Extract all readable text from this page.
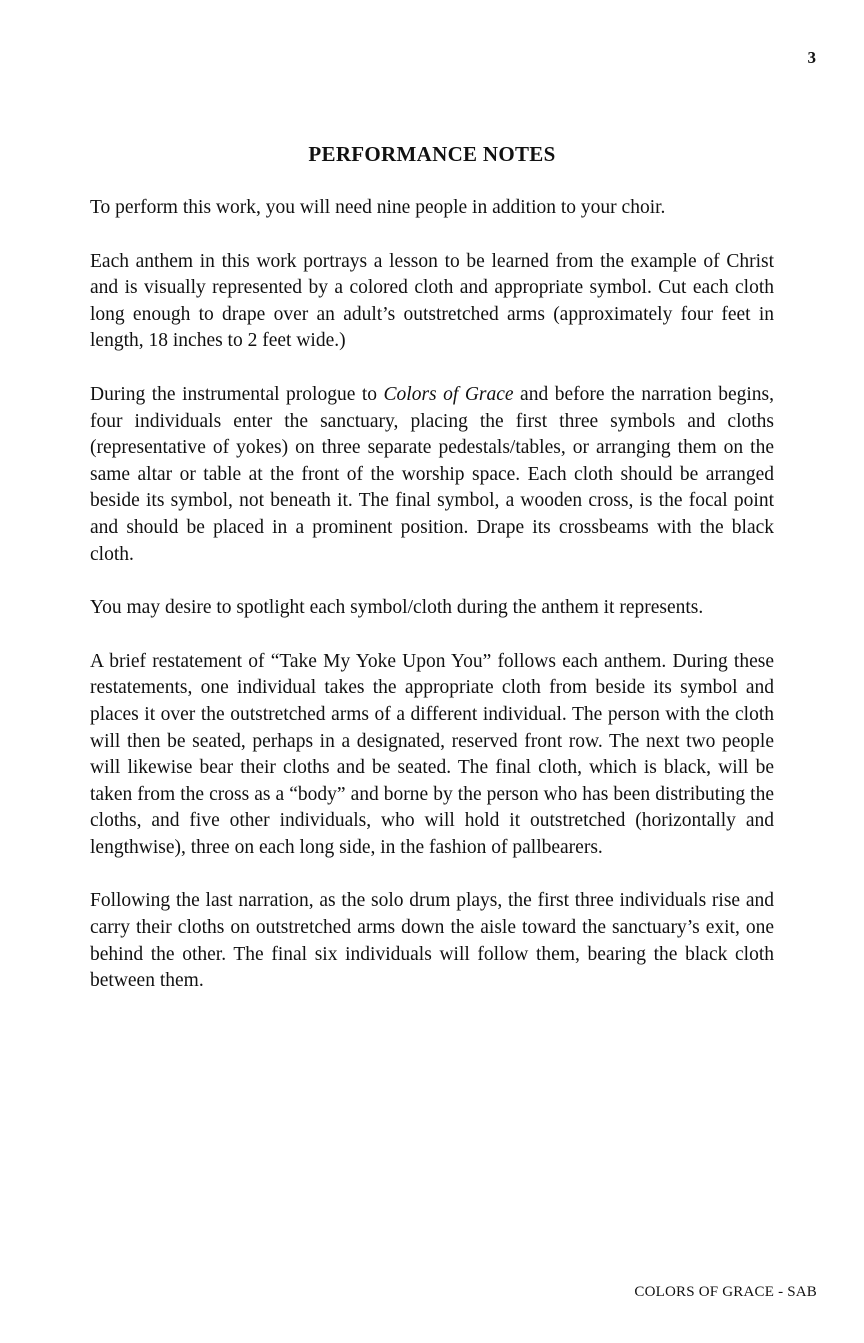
3
PERFORMANCE NOTES

To perform this work, you will need nine people in addition to your choir.

Each anthem in this work portrays a lesson to be learned from the example of Christ and is visually represented by a colored cloth and appropriate symbol. Cut each cloth long enough to drape over an adult’s outstretched arms (approximately four feet in length, 18 inches to 2 feet wide.)

During the instrumental prologue to Colors of Grace and before the narration begins, four individuals enter the sanctuary, placing the first three symbols and cloths (representative of yokes) on three separate pedestals/tables, or arranging them on the same altar or table at the front of the worship space. Each cloth should be arranged beside its symbol, not beneath it. The final symbol, a wooden cross, is the focal point and should be placed in a prominent position. Drape its crossbeams with the black cloth.

You may desire to spotlight each symbol/cloth during the anthem it represents.

A brief restatement of “Take My Yoke Upon You” follows each anthem. During these restatements, one individual takes the appropriate cloth from beside its symbol and places it over the outstretched arms of a different individual. The person with the cloth will then be seated, perhaps in a designated, reserved front row. The next two people will likewise bear their cloths and be seated. The final cloth, which is black, will be taken from the cross as a “body” and borne by the person who has been distributing the cloths, and five other individuals, who will hold it outstretched (horizontally and lengthwise), three on each long side, in the fashion of pallbearers.

Following the last narration, as the solo drum plays, the first three individuals rise and carry their cloths on outstretched arms down the aisle toward the sanctuary’s exit, one behind the other. The final six individuals will follow them, bearing the black cloth between them.

COLORS OF GRACE - SAB
